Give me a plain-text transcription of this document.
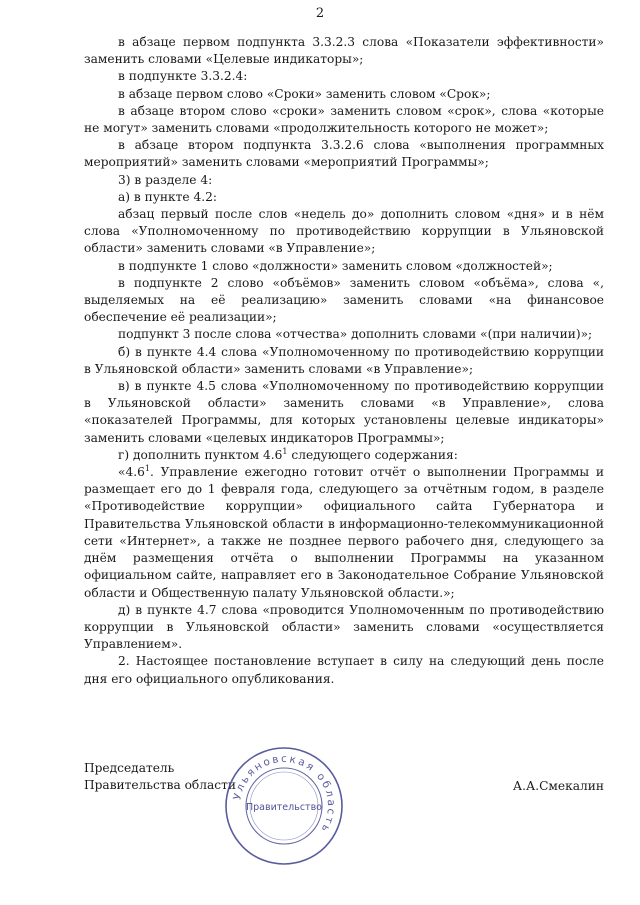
2

в абзаце первом подпункта 3.3.2.3 слова «Показатели эффективности» заменить словами «Целевые индикаторы»;

в подпункте 3.3.2.4:

в абзаце первом слово «Сроки» заменить словом «Срок»;

в абзаце втором слово «сроки» заменить словом «срок», слова «которые не могут» заменить словами «продолжительность которого не может»;

в абзаце втором подпункта 3.3.2.6 слова «выполнения программных мероприятий» заменить словами «мероприятий Программы»;

3) в разделе 4:

а) в пункте 4.2:

абзац первый после слов «недель до» дополнить словом «дня» и в нём слова «Уполномоченному по противодействию коррупции в Ульяновской области» заменить словами «в Управление»;

в подпункте 1 слово «должности» заменить словом «должностей»;

в подпункте 2 слово «объёмов» заменить словом «объёма», слова «, выделяемых на её реализацию» заменить словами «на финансовое обеспечение её реализации»;

подпункт 3 после слова «отчества» дополнить словами «(при наличии)»;

б) в пункте 4.4 слова «Уполномоченному по противодействию коррупции в Ульяновской области» заменить словами «в Управление»;

в) в пункте 4.5 слова «Уполномоченному по противодействию коррупции в Ульяновской области» заменить словами «в Управление», слова «показателей Программы, для которых установлены целевые индикаторы» заменить словами «целевых индикаторов Программы»;

г) дополнить пунктом $4.6^1$ следующего содержания:

«$4.6^1$. Управление ежегодно готовит отчёт о выполнении Программы и размещает его до 1 февраля года, следующего за отчётным годом, в разделе «Противодействие коррупции» официального сайта Губернатора и Правительства Ульяновской области в информационно-телекоммуникационной сети «Интернет», а также не позднее первого рабочего дня, следующего за днём размещения отчёта о выполнении Программы на указанном официальном сайте, направляет его в Законодательное Собрание Ульяновской области и Общественную палату Ульяновской области.»;

д) в пункте 4.7 слова «проводится Уполномоченным по противодействию коррупции в Ульяновской области» заменить словами «осуществляется Управлением».

2. Настоящее постановление вступает в силу на следующий день после дня его официального опубликования.

Председатель

Правительства области	А.А.Смекалин
Ульяновская область
Правительство
